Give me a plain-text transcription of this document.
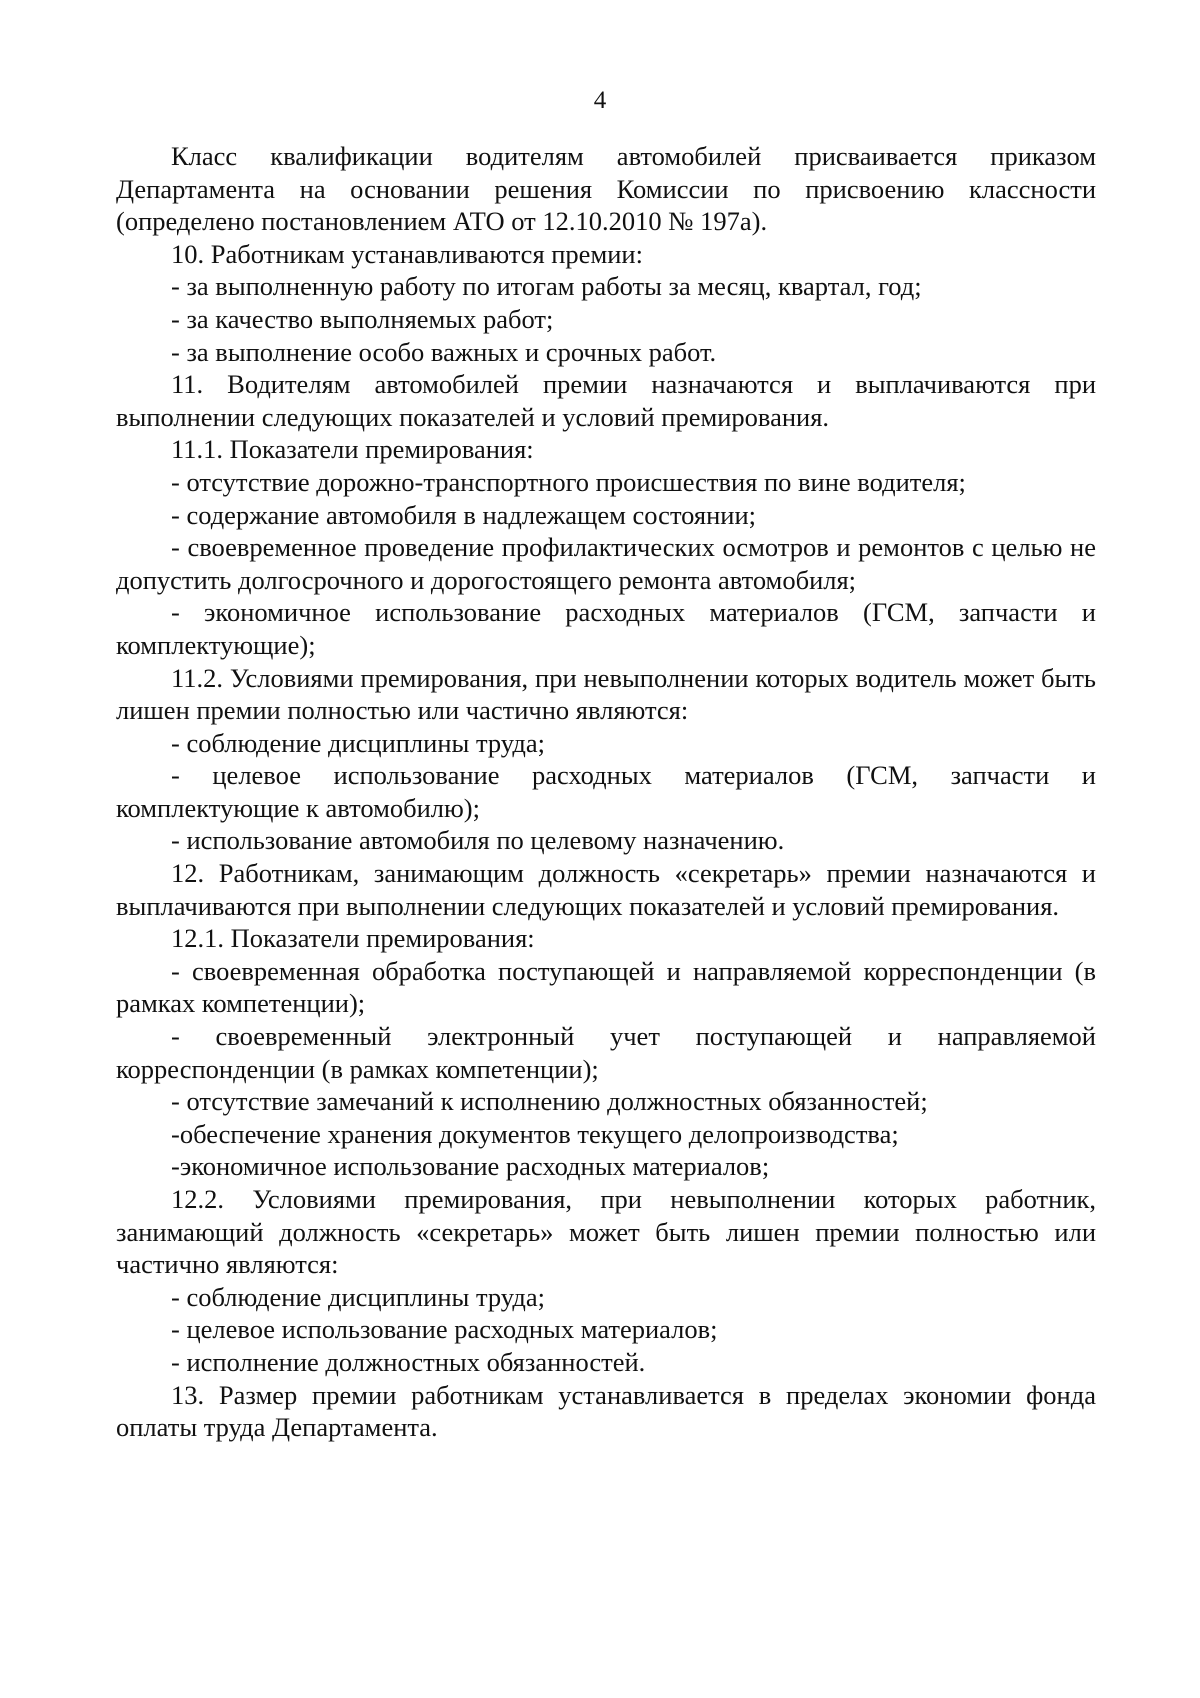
4

Класс квалификации водителям автомобилей присваивается приказом Департамента на основании решения Комиссии по присвоению классности (определено постановлением АТО от 12.10.2010 № 197а).

10. Работникам устанавливаются премии:

- за выполненную работу по итогам работы за месяц, квартал, год;

- за качество выполняемых работ;

- за выполнение особо важных и срочных работ.

11. Водителям автомобилей премии назначаются и выплачиваются при выполнении следующих показателей и условий премирования.

11.1. Показатели премирования:

- отсутствие дорожно-транспортного происшествия по вине водителя;

- содержание автомобиля в надлежащем состоянии;

- своевременное проведение профилактических осмотров и ремонтов с целью не допустить долгосрочного и дорогостоящего ремонта автомобиля;

- экономичное использование расходных материалов (ГСМ, запчасти и комплектующие);

11.2. Условиями премирования, при невыполнении которых водитель может быть лишен премии полностью или частично являются:

- соблюдение дисциплины труда;

- целевое использование расходных материалов (ГСМ, запчасти и комплектующие к автомобилю);

- использование автомобиля по целевому назначению.

12. Работникам, занимающим должность «секретарь» премии назначаются и выплачиваются при выполнении следующих показателей и условий премирования.

12.1. Показатели премирования:

- своевременная обработка поступающей и направляемой корреспонденции (в рамках компетенции);

- своевременный электронный учет поступающей и направляемой корреспонденции (в рамках компетенции);

- отсутствие замечаний к исполнению должностных обязанностей;

-обеспечение хранения документов текущего делопроизводства;

-экономичное использование расходных материалов;

12.2. Условиями премирования, при невыполнении которых работник, занимающий должность «секретарь» может быть лишен премии полностью или частично являются:

- соблюдение дисциплины труда;

- целевое использование расходных материалов;

- исполнение должностных обязанностей.

13. Размер премии работникам устанавливается в пределах экономии фонда оплаты труда Департамента.
